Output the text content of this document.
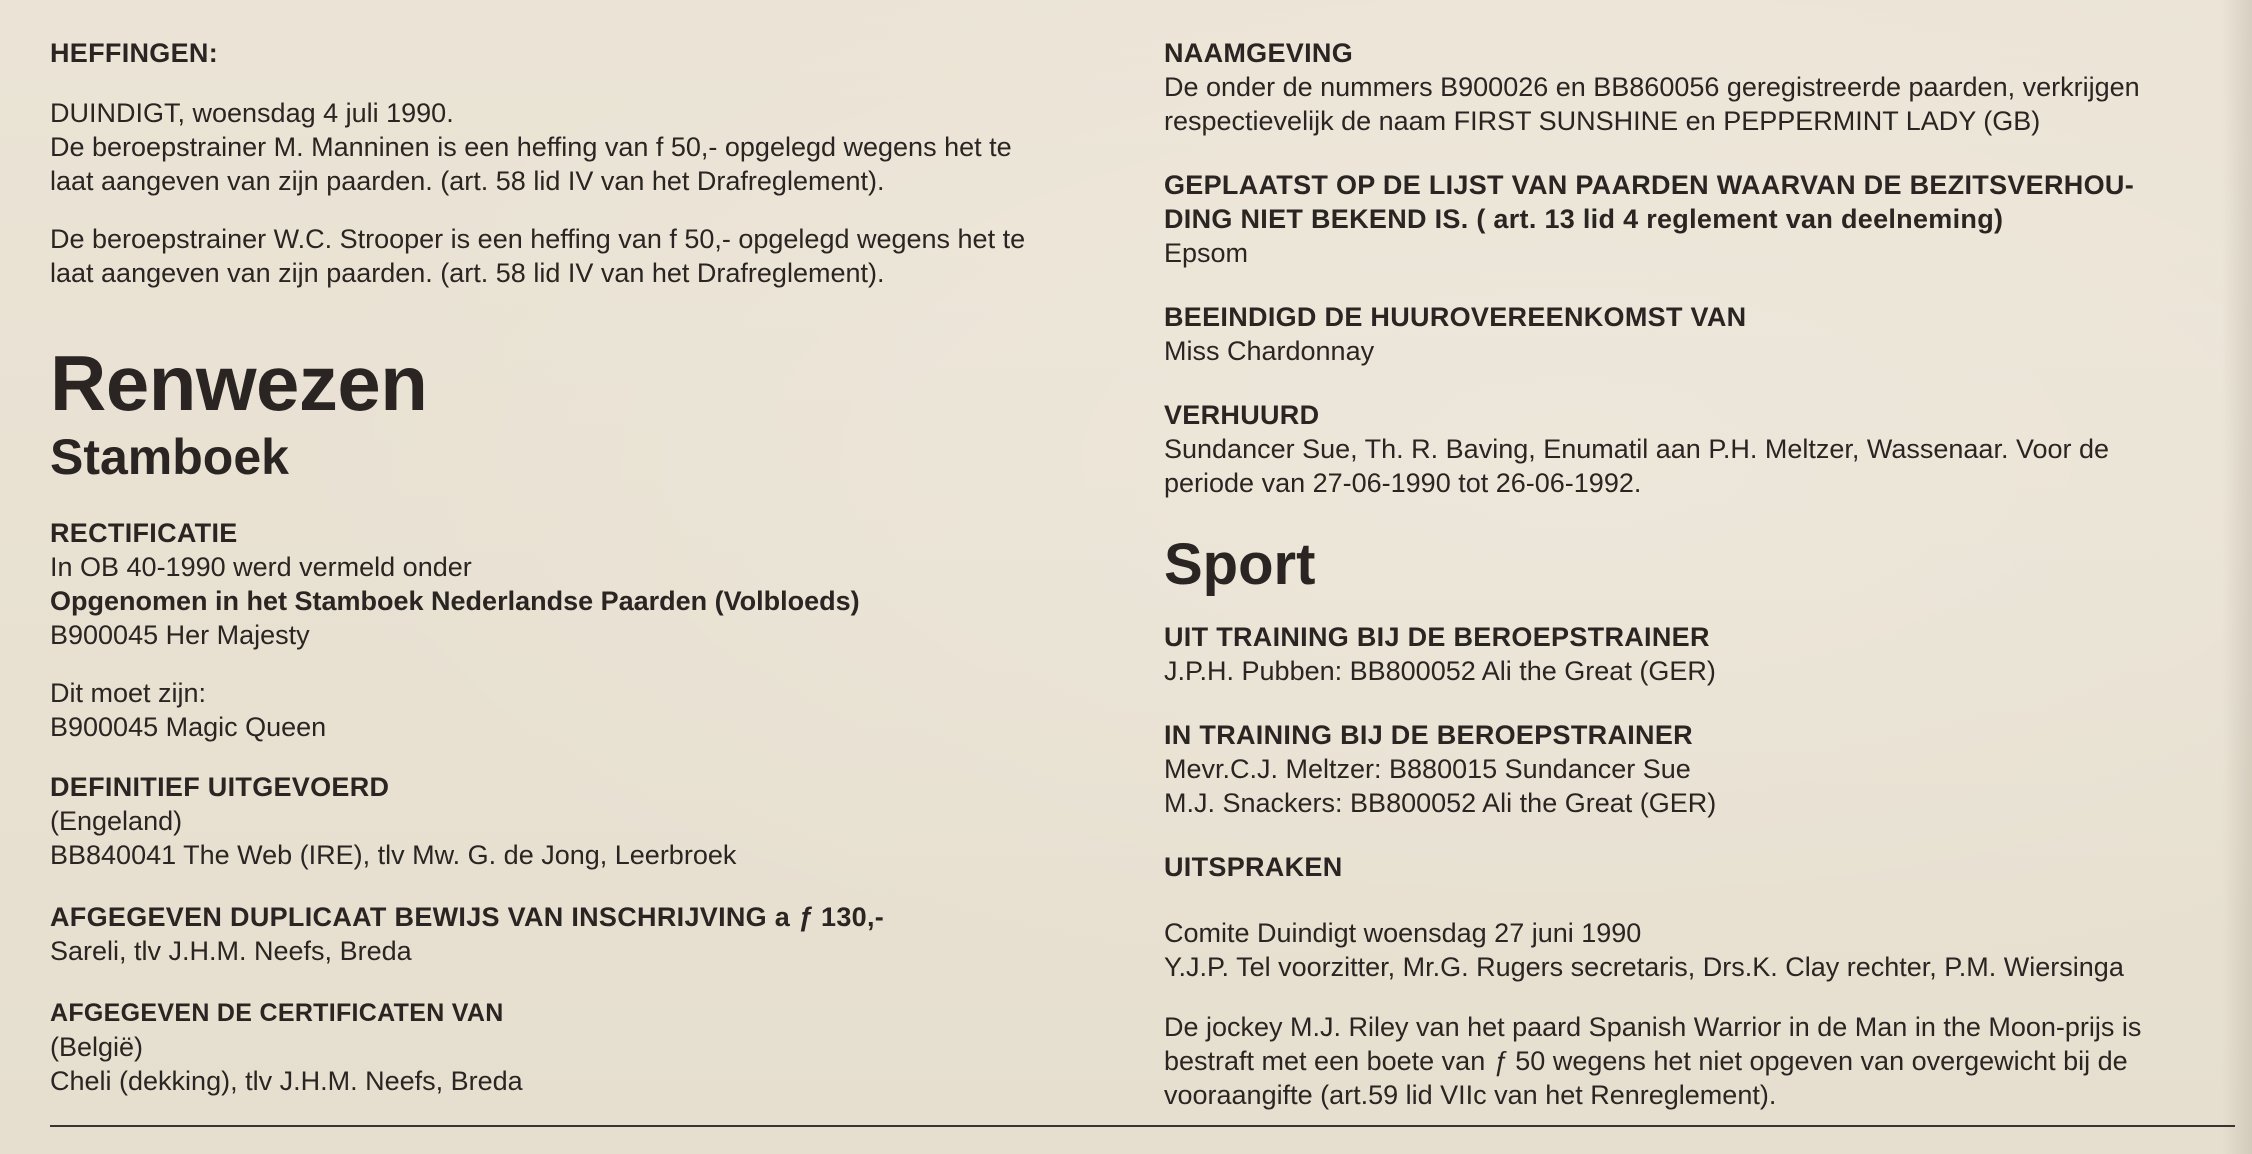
HEFFINGEN:

DUINDIGT, woensdag 4 juli 1990.

De beroepstrainer M. Manninen is een heffing van f 50,- opgelegd wegens het te

laat aangeven van zijn paarden. (art. 58 lid IV van het Drafreglement).

De beroepstrainer W.C. Strooper is een heffing van f 50,- opgelegd wegens het te

laat aangeven van zijn paarden. (art. 58 lid IV van het Drafreglement).

Renwezen
Stamboek

RECTIFICATIE

In OB 40-1990 werd vermeld onder

Opgenomen in het Stamboek Nederlandse Paarden (Volbloeds)

B900045 Her Majesty

Dit moet zijn:

B900045 Magic Queen

DEFINITIEF UITGEVOERD

(Engeland)

BB840041 The Web (IRE), tlv Mw. G. de Jong, Leerbroek

AFGEGEVEN DUPLICAAT BEWIJS VAN INSCHRIJVING a ƒ 130,-

Sareli, tlv J.H.M. Neefs, Breda

AFGEGEVEN DE CERTIFICATEN VAN

(België)

Cheli (dekking), tlv J.H.M. Neefs, Breda

NAAMGEVING

De onder de nummers B900026 en BB860056 geregistreerde paarden, verkrijgen

respectievelijk de naam FIRST SUNSHINE en PEPPERMINT LADY (GB)

GEPLAATST OP DE LIJST VAN PAARDEN WAARVAN DE BEZITSVERHOU-

DING NIET BEKEND IS. ( art. 13 lid 4 reglement van deelneming)

Epsom

BEEINDIGD DE HUUROVEREENKOMST VAN

Miss Chardonnay

VERHUURD

Sundancer Sue, Th. R. Baving, Enumatil aan P.H. Meltzer, Wassenaar. Voor de

periode van 27-06-1990 tot 26-06-1992.

Sport

UIT TRAINING BIJ DE BEROEPSTRAINER

J.P.H. Pubben: BB800052 Ali the Great (GER)

IN TRAINING BIJ DE BEROEPSTRAINER

Mevr.C.J. Meltzer: B880015 Sundancer Sue

M.J. Snackers: BB800052 Ali the Great (GER)

UITSPRAKEN

Comite Duindigt woensdag 27 juni 1990

Y.J.P. Tel voorzitter, Mr.G. Rugers secretaris, Drs.K. Clay rechter, P.M. Wiersinga

De jockey M.J. Riley van het paard Spanish Warrior in de Man in the Moon-prijs is

bestraft met een boete van ƒ 50 wegens het niet opgeven van overgewicht bij de

vooraangifte (art.59 lid VIIc van het Renreglement).
